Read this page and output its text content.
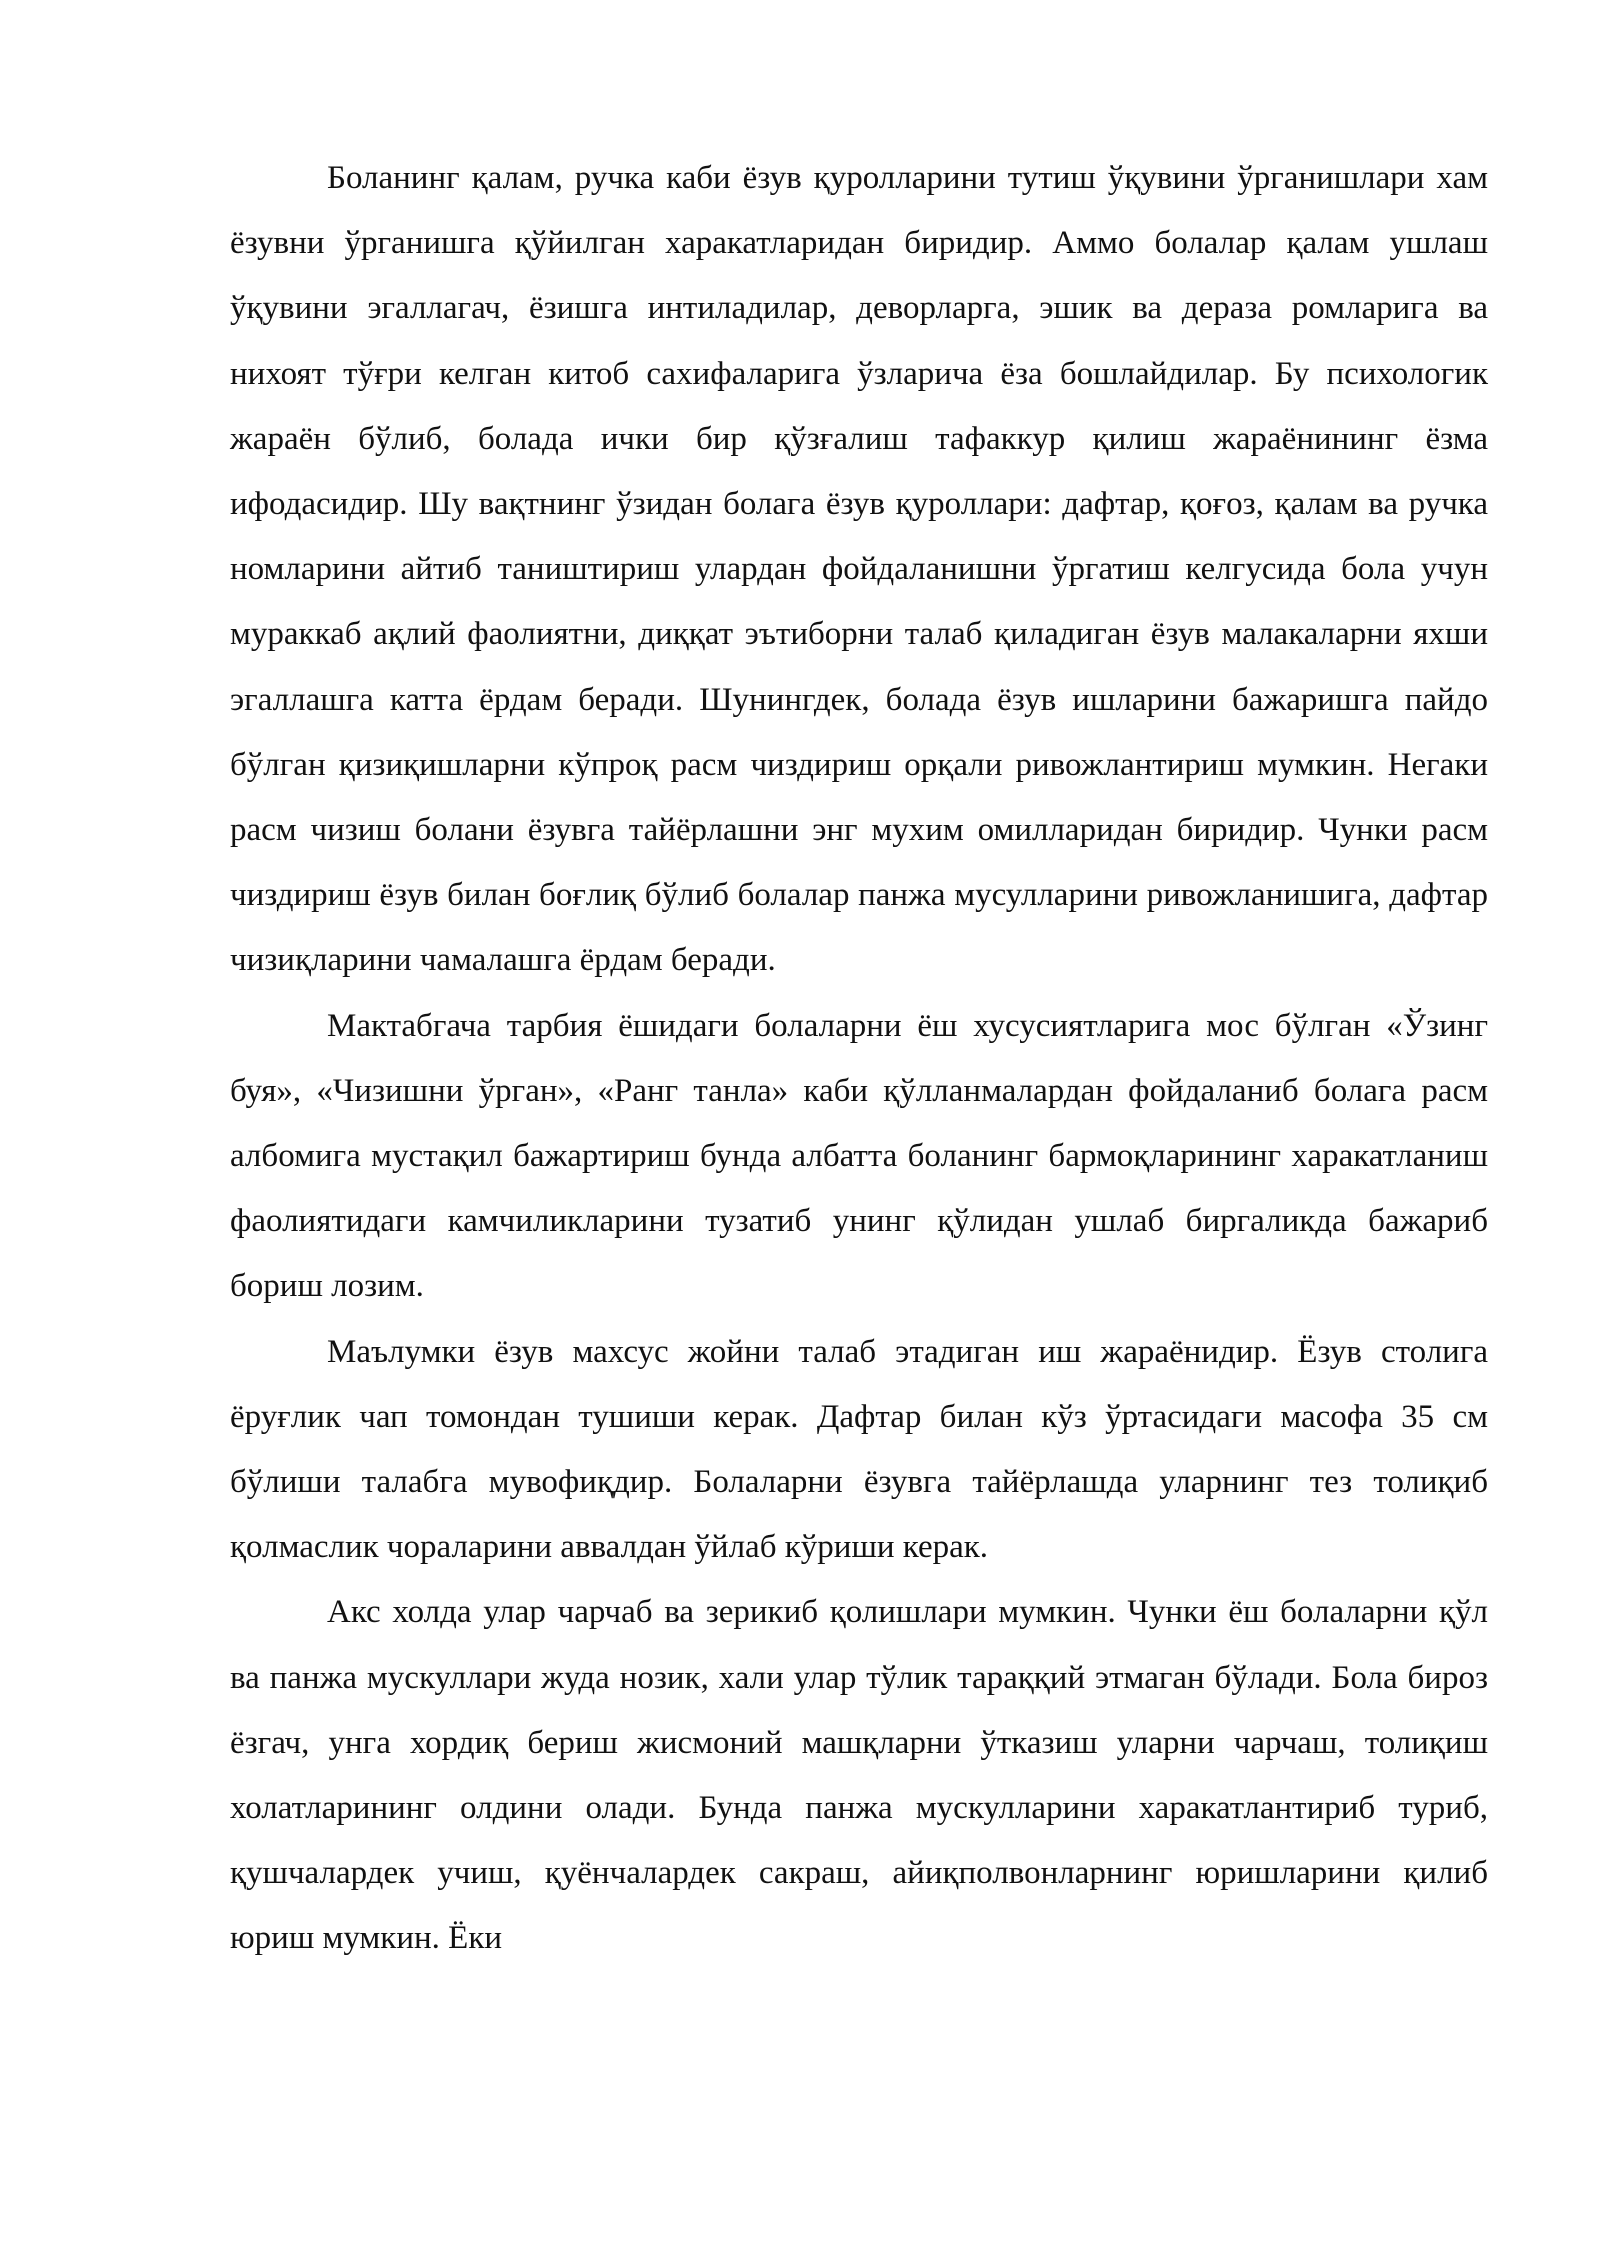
Боланинг қалам, ручка каби ёзув қуролларини тутиш ўқувини ўрганишлари хам ёзувни ўрганишга қўйилган харакатларидан биридир. Аммо болалар қалам ушлаш ўқувини эгаллагач, ёзишга интиладилар, деворларга, эшик ва дераза ромларига ва нихоят тўғри келган китоб сахифаларига ўзларича ёза бошлайдилар. Бу психологик жараён бўлиб, болада ички бир қўзғалиш тафаккур қилиш жараёнининг ёзма ифодасидир. Шу вақтнинг ўзидан болага ёзув қуроллари: дафтар, қоғоз, қалам ва ручка номларини айтиб таништириш улардан фойдаланишни ўргатиш келгусида бола учун мураккаб ақлий фаолиятни, диққат эътиборни талаб қиладиган ёзув малакаларни яхши эгаллашга катта ёрдам беради. Шунингдек, болада ёзув ишларини бажаришга пайдо бўлган қизиқишларни кўпроқ расм чиздириш орқали ривожлантириш мумкин. Негаки расм чизиш болани ёзувга тайёрлашни энг мухим омилларидан биридир. Чунки расм чиздириш ёзув билан боғлиқ бўлиб болалар панжа мусулларини ривожланишига, дафтар чизиқларини чамалашга ёрдам беради.

Мактабгача тарбия ёшидаги болаларни ёш хусусиятларига мос бўлган «Ўзинг буя», «Чизишни ўрган», «Ранг танла» каби қўлланмалардан фойдаланиб болага расм албомига мустақил бажартириш бунда албатта боланинг бармоқларининг харакатланиш фаолиятидаги камчиликларини тузатиб унинг қўлидан ушлаб биргаликда бажариб бориш лозим.

Маълумки ёзув махсус жойни талаб этадиган иш жараёнидир. Ёзув столига ёруғлик чап томондан тушиши керак. Дафтар билан кўз ўртасидаги масофа 35 см бўлиши талабга мувофиқдир. Болаларни ёзувга тайёрлашда уларнинг тез толиқиб қолмаслик чораларини аввалдан ўйлаб кўриши керак.

Акс холда улар чарчаб ва зерикиб қолишлари мумкин. Чунки ёш болаларни қўл ва панжа мускуллари жуда нозик, хали улар тўлик тараққий этмаган бўлади. Бола бироз ёзгач, унга хордиқ бериш жисмоний машқларни ўтказиш уларни чарчаш, толиқиш холатларининг олдини олади. Бунда панжа мускулларини харакатлантириб туриб, қушчалардек учиш, қуёнчалардек сакраш, айиқполвонларнинг юришларини қилиб юриш мумкин. Ёки
